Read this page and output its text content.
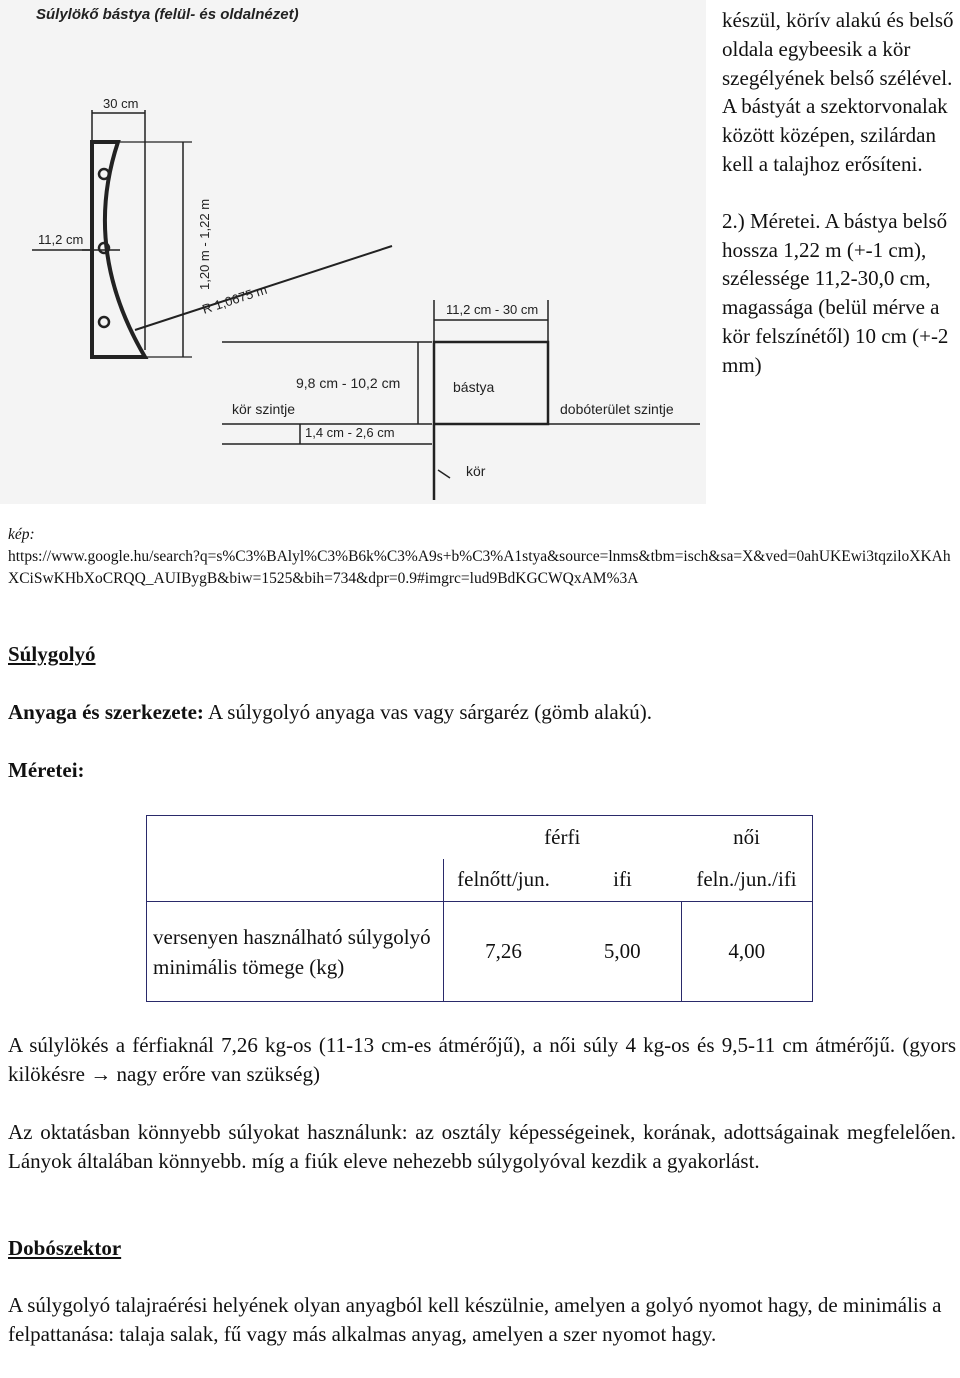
Súlylökő bástya (felül- és oldalnézet)
30 cm
11,2 cm	1,20 m - 1,22 m
R 1,0675 m	11,2 cm - 30 cm
bástya
9,8 cm - 10,2 cm
kör szintje	dobóterület szintje
1,4 cm - 2,6 cm
kör

készül, körív alakú és belső oldala egybeesik a kör szegélyének belső szélével. A bástyát a szektorvonalak között középen, szilárdan kell a talajhoz erősíteni.

2.) Méretei. A bástya belső hossza 1,22 m (+-1 cm), szélessége 11,2-30,0 cm, magassága (belül mérve a kör felszínétől) 10 cm (+-2 mm)

kép:
https://www.google.hu/search?q=s%C3%BAlyl%C3%B6k%C3%A9s+b%C3%A1stya&source=lnms&tbm=isch&sa=X&ved=0ahUKEwi3tqziloXKAhXCiSwKHbXoCRQQ_AUIBygB&biw=1525&bih=734&dpr=0.9#imgrc=lud9BdKGCWQxAM%3A
Súlygolyó
Anyaga és szerkezete: A súlygolyó anyaga vas vagy sárgaréz (gömb alakú).
Méretei:
	férfi		női
	felnőtt/jun.	ifi	feln./jun./ifi
versenyen használható súlygolyó minimális tömege (kg)	7,26	5,00	4,00

A súlylökés a férfiaknál 7,26 kg-os (11-13 cm-es átmérőjű), a női súly 4 kg-os és 9,5-11 cm átmérőjű. (gyors kilökésre → nagy erőre van szükség)

Az oktatásban könnyebb súlyokat használunk: az osztály képességeinek, korának, adottságainak megfelelően. Lányok általában könnyebb. míg a fiúk eleve nehezebb súlygolyóval kezdik a gyakorlást.

Dobószektor

A súlygolyó talajraérési helyének olyan anyagból kell készülnie, amelyen a golyó nyomot hagy, de minimális a felpattanása: talaja salak, fű vagy más alkalmas anyag, amelyen a szer nyomot hagy.
